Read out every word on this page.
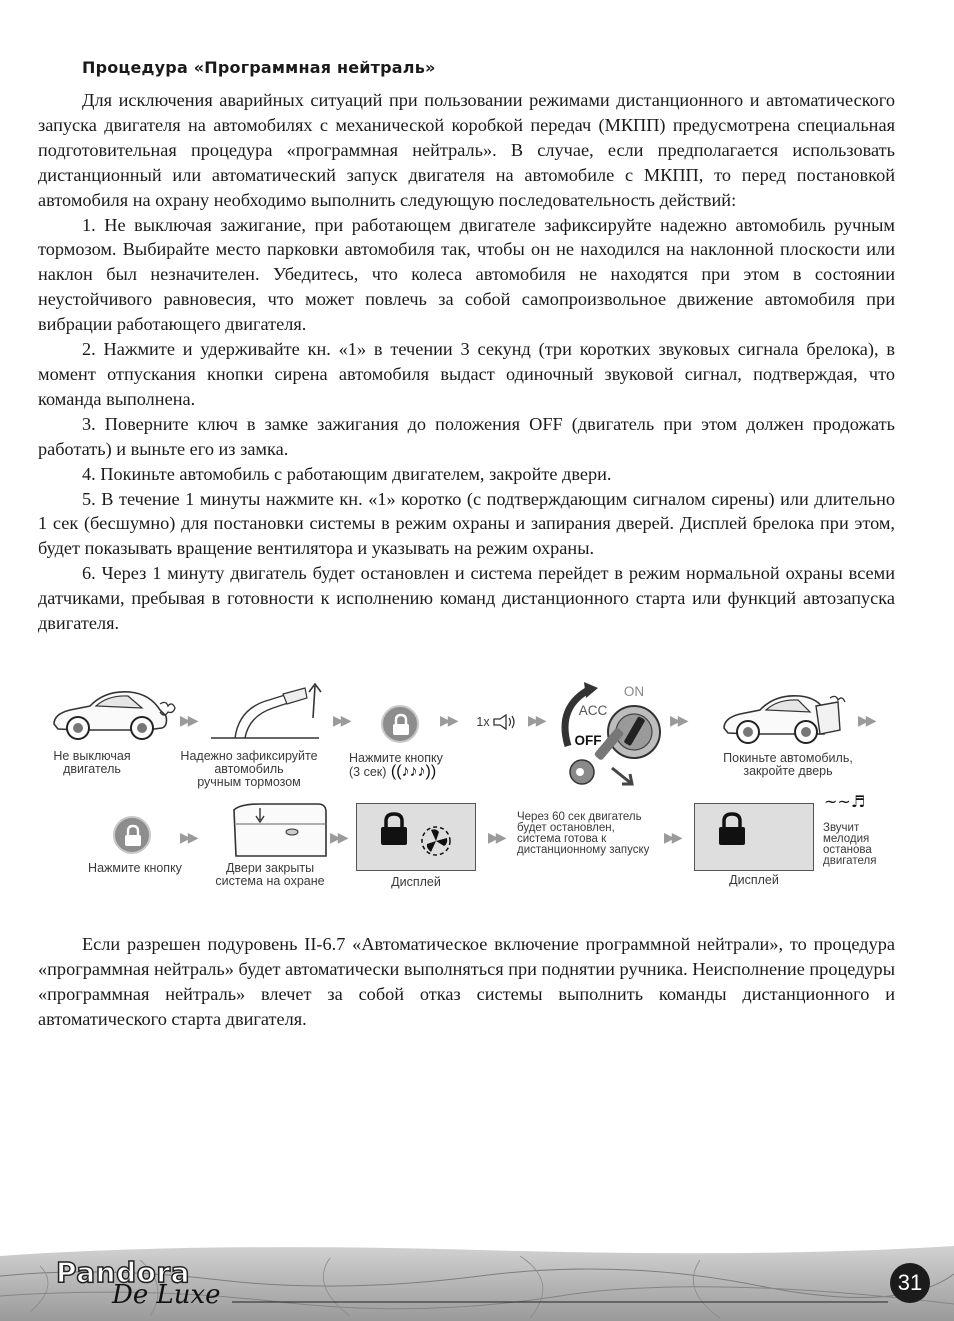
Процедура «Программная нейтраль»

Для исключения аварийных ситуаций при пользовании режимами дистанционного и автоматического запуска двигателя на автомобилях с механической коробкой передач (МКПП) предусмотрена специальная подготовительная процедура «программная нейтраль». В случае, если предполагается использовать дистанционный или автоматический запуск двигателя на автомобиле с МКПП, то перед постановкой автомобиля на охрану необходимо выполнить следующую последовательность действий:

1. Не выключая зажигание, при работающем двигателе зафиксируйте надежно автомобиль ручным тормозом. Выбирайте место парковки автомобиля так, чтобы он не находился на наклонной плоскости или наклон был незначителен. Убедитесь, что колеса автомобиля не находятся при этом в состоянии неустойчивого равновесия, что может повлечь за собой самопроизвольное движение автомобиля при вибрации работающего двигателя.

2. Нажмите и удерживайте кн. «1» в течении 3 секунд (три коротких звуковых сигнала брелока), в момент отпускания кнопки сирена автомобиля выдаст одиночный звуковой сигнал, подтверждая, что команда выполнена.

3. Поверните ключ в замке зажигания до положения OFF (двигатель при этом должен продожать работать) и выньте его из замка.

4. Покиньте автомобиль с работающим двигателем, закройте двери.

5. В течение 1 минуты нажмите кн. «1» коротко (с подтверждающим сигналом сирены) или длительно 1 сек (бесшумно) для постановки системы в режим охраны и запирания дверей. Дисплей брелока при этом, будет показывать вращение вентилятора и указывать на режим охраны.

6. Через 1 минуту двигатель будет остановлен и система перейдет в режим нормальной охраны всеми датчиками, пребывая в готовности к исполнению команд дистанционного старта или функций автозапуска двигателя.

Не выключая
двигатель
▶▶
Надежно зафиксируйте
автомобиль
ручным тормозом
▶▶
Нажмите кнопку
(3 сек) ((♪♪♪))
▶▶ 1x	▶▶
ON
ACC
OFF
▶▶
Покиньте автомобиль,
закройте дверь
▶▶
Нажмите кнопку
▶▶
Двери закрыты
система на охране
▶▶
Дисплей
▶▶
Через 60 сек двигатель
будет остановлен,
система готова к
дистанционному запуску
▶▶
Дисплей
~~♬
Звучит
мелодия
останова
двигателя

Если разрешен подуровень II-6.7 «Автоматическое включение программной нейтрали», то процедура «программная нейтраль» будет автоматически выполняться при поднятии ручника. Неисполнение процедуры «программная нейтраль» влечет за собой отказ системы выполнить команды дистанционного и автоматического старта двигателя.

Pandora
De Luxe	31
